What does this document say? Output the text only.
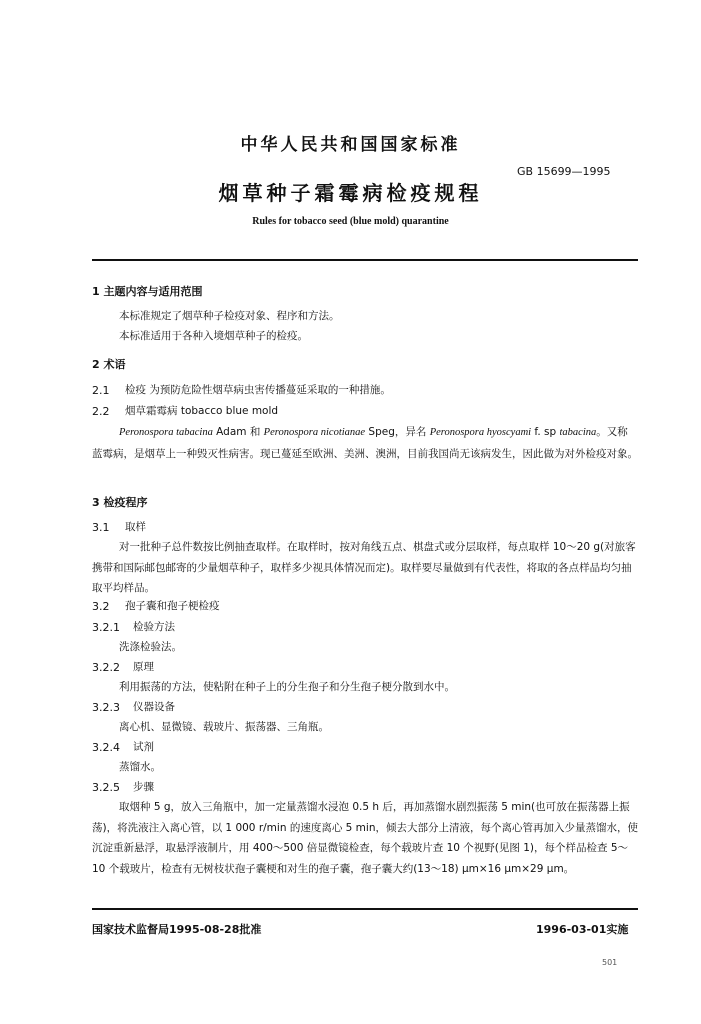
中华人民共和国国家标准
GB 15699—1995
烟草种子霜霉病检疫规程
Rules for tobacco seed (blue mold) quarantine
1 主题内容与适用范围
本标准规定了烟草种子检疫对象、程序和方法。
本标准适用于各种入境烟草种子的检疫。
2 术语
2.1 检疫 为预防危险性烟草病虫害传播蔓延采取的一种措施。
2.2 烟草霜霉病 tobacco blue mold
Peronospora tabacina Adam 和 Peronospora nicotianae Speg，异名 Peronospora hyoscyami f. sp tabacina。又称蓝霉病，是烟草上一种毁灭性病害。现已蔓延至欧洲、美洲、澳洲，目前我国尚无该病发生，因此做为对外检疫对象。
3 检疫程序
3.1 取样
对一批种子总件数按比例抽查取样。在取样时，按对角线五点、棋盘式或分层取样，每点取样 10～20 g(对旅客携带和国际邮包邮寄的少量烟草种子，取样多少视具体情况而定)。取样要尽量做到有代表性，将取的各点样品均匀抽取平均样品。
3.2 孢子囊和孢子梗检疫
3.2.1 检验方法
洗涤检验法。
3.2.2 原理
利用振荡的方法，使粘附在种子上的分生孢子和分生孢子梗分散到水中。
3.2.3 仪器设备
离心机、显微镜、载玻片、振荡器、三角瓶。
3.2.4 试剂
蒸馏水。
3.2.5 步骤
取烟种 5 g，放入三角瓶中，加一定量蒸馏水浸泡 0.5 h 后，再加蒸馏水剧烈振荡 5 min(也可放在振荡器上振荡)，将洗液注入离心管，以 1 000 r/min 的速度离心 5 min，倾去大部分上清液，每个离心管再加入少量蒸馏水，使沉淀重新悬浮，取悬浮液制片，用 400～500 倍显微镜检查，每个载玻片查 10 个视野(见图 1)，每个样品检查 5～10 个载玻片，检查有无树枝状孢子囊梗和对生的孢子囊，孢子囊大约(13～18) μm×16 μm×29 μm。
国家技术监督局1995-08-28批准	1996-03-01实施
501
